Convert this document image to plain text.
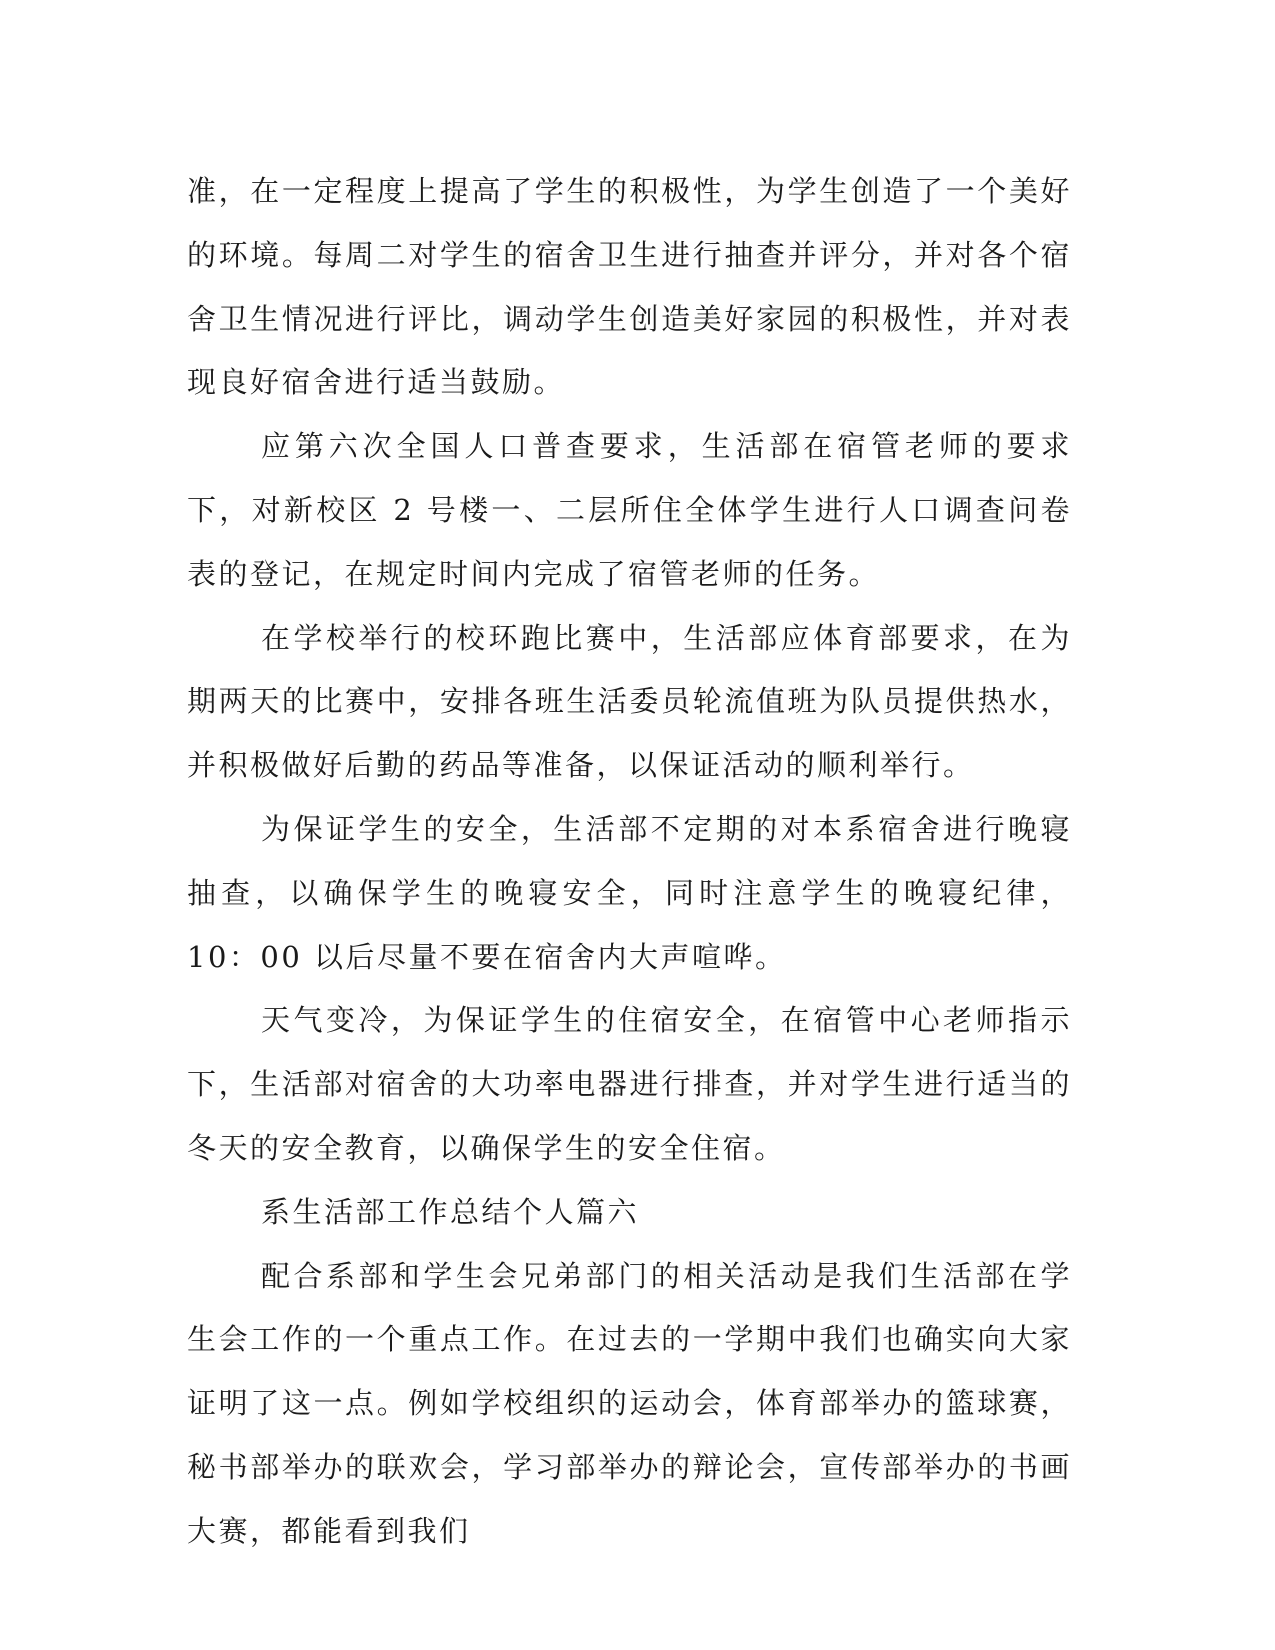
准，在一定程度上提高了学生的积极性，为学生创造了一个美好的环境。每周二对学生的宿舍卫生进行抽查并评分，并对各个宿舍卫生情况进行评比，调动学生创造美好家园的积极性，并对表现良好宿舍进行适当鼓励。

应第六次全国人口普查要求，生活部在宿管老师的要求下，对新校区 2 号楼一、二层所住全体学生进行人口调查问卷表的登记，在规定时间内完成了宿管老师的任务。

在学校举行的校环跑比赛中，生活部应体育部要求，在为期两天的比赛中，安排各班生活委员轮流值班为队员提供热水，并积极做好后勤的药品等准备，以保证活动的顺利举行。

为保证学生的安全，生活部不定期的对本系宿舍进行晚寝抽查，以确保学生的晚寝安全，同时注意学生的晚寝纪律，10：00 以后尽量不要在宿舍内大声喧哗。

天气变冷，为保证学生的住宿安全，在宿管中心老师指示下，生活部对宿舍的大功率电器进行排查，并对学生进行适当的冬天的安全教育，以确保学生的安全住宿。

系生活部工作总结个人篇六

配合系部和学生会兄弟部门的相关活动是我们生活部在学生会工作的一个重点工作。在过去的一学期中我们也确实向大家证明了这一点。例如学校组织的运动会，体育部举办的篮球赛，秘书部举办的联欢会，学习部举办的辩论会，宣传部举办的书画大赛，都能看到我们
